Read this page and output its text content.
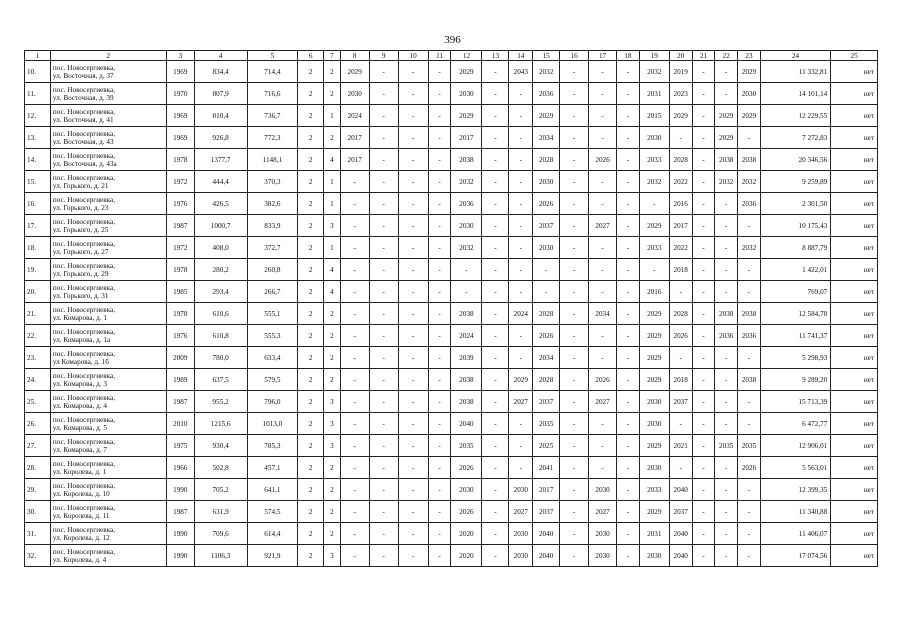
396
1	2	3	4	5	6	7	8	9	10	11	12	13	14	15	16	17	18	19	20	21	22	23	24	25
10.	пос. Новосергиевка,
ул. Восточная, д. 37	1969	834,4	714,4	2	2	2029	-	-	-	2029	-	2043	2032	-	-	-	2032	2019	-	-	2029	11 332,81	нет
11.	пос. Новосергиевка,
ул. Восточная, д. 39	1970	807,9	716,6	2	2	2030	-	-	-	2030	-	-	2036	-	-	-	2031	2023	-	-	2030	14 101,14	нет
12.	пос. Новосергиевка,
ул. Восточная, д. 41	1969	810,4	736,7	2	1	2024	-	-	-	2029	-	-	2029	-	-	-	2015	2029	-	2029	2029	12 229,55	нет
13.	пос. Новосергиевка,
ул. Восточная, д. 43	1969	926,8	772,3	2	2	2017	-	-	-	2017	-	-	2034	-	-	-	2030	-	-	2029	-	7 272,83	нет
14.	пос. Новосергиевка,
ул. Восточная, д. 43а	1978	1377,7	1148,1	2	4	2017	-	-	-	2038	-	-	2028	-	2026	-	2033	2028	-	2038	2038	20 346,56	нет
15.	пос. Новосергиевка,
ул. Горького, д. 21	1972	444,4	370,3	2	1	-	-	-	-	2032	-	-	2030	-	-	-	2032	2022	-	2032	2032	9 259,89	нет
16.	пос. Новосергиевка,
ул. Горького, д. 23	1976	426,5	382,6	2	1	-	-	-	-	2036	-	-	2026	-	-	-	-	2016	-	-	2036	2 301,50	нет
17.	пос. Новосергиевка,
ул. Горького, д. 25	1987	1000,7	833,9	2	3	-	-	-	-	2030	-	-	2037	-	2027	-	2029	2017	-	-	-	10 175,43	нет
18.	пос. Новосергиевка,
ул. Горького, д. 27	1972	408,0	372,7	2	1	-	-	-	-	2032	-	-	2030	-	-	-	2033	2022	-	-	2032	8 887,79	нет
19.	пос. Новосергиевка,
ул. Горького, д. 29	1978	280,2	260,8	2	4	-	-	-	-	-	-	-	-	-	-	-	-	2018	-	-	-	1 422,01	нет
20.	пос. Новосергиевка,
ул. Горького, д. 31	1985	293,4	266,7	2	4	-	-	-	-	-	-	-	-	-	-	-	2016	-	-	-	-	769,07	нет
21.	пос. Новосергиевка,
ул. Комарова, д. 1	1978	610,6	555,1	2	2	-	-	-	-	2038	-	2024	2028	-	2034	-	2029	2028	-	2038	2038	12 584,78	нет
22.	пос. Новосергиевка,
ул. Комарова, д. 1а	1976	610,8	555,3	2	2	-	-	-	-	2024	-	-	2026	-	-	-	2029	2026	-	2036	2036	11 741,37	нет
23.	пос. Новосергиевка,
ул Комарова, д. 1б	2009	780,0	633,4	2	2	-	-	-	-	2039	-	-	2034	-	-	-	2029	-	-	-	-	5 298,93	нет
24.	пос. Новосергиевка,
ул. Комарова, д. 3	1989	637,5	579,5	2	2	-	-	-	-	2038	-	2029	2028	-	2026	-	2029	2018	-	-	2038	9 289,20	нет
25.	пос. Новосергиевка,
ул. Комарова, д. 4	1987	955,2	796,0	2	3	-	-	-	-	2038	-	2027	2037	-	2027	-	2030	2037	-	-	-	15 713,39	нет
26.	пос. Новосергиевка,
ул. Комарова, д. 5	2010	1215,6	1013,0	2	3	-	-	-	-	2040	-	-	2035	-	-	-	2030	-	-	-	-	6 472,77	нет
27.	пос. Новосергиевка,
ул. Комарова, д. 7	1975	930,4	785,3	2	3	-	-	-	-	2035	-	-	2025	-	-	-	2029	2021	-	2035	2035	12 906,01	нет
28.	пос. Новосергиевка,
ул. Королева, д. 1	1966	502,8	457,1	2	2	-	-	-	-	2026	-	-	2041	-	-	-	2030	-	-	-	2026	5 563,01	нет
29.	пос. Новосергиевка,
ул. Королева, д. 10	1990	705,2	641,1	2	2	-	-	-	-	2030	-	2030	2017	-	2030	-	2033	2040	-	-	-	12 399,35	нет
30.	пос. Новосергиевка,
ул. Королева, д. 11	1987	631,9	574,5	2	2	-	-	-	-	2026	-	2027	2037	-	2027	-	2029	2037	-	-	-	11 340,88	нет
31.	пос. Новосергиевка,
ул. Королева, д. 12	1990	709,6	614,4	2	2	-	-	-	-	2020	-	2030	2040	-	2030	-	2031	2040	-	-	-	11 406,07	нет
32.	пос. Новосергиевка,
ул. Королева, д. 4	1990	1106,3	921,9	2	3	-	-	-	-	2020	-	2030	2040	-	2030	-	2030	2040	-	-	-	17 074,56	нет
